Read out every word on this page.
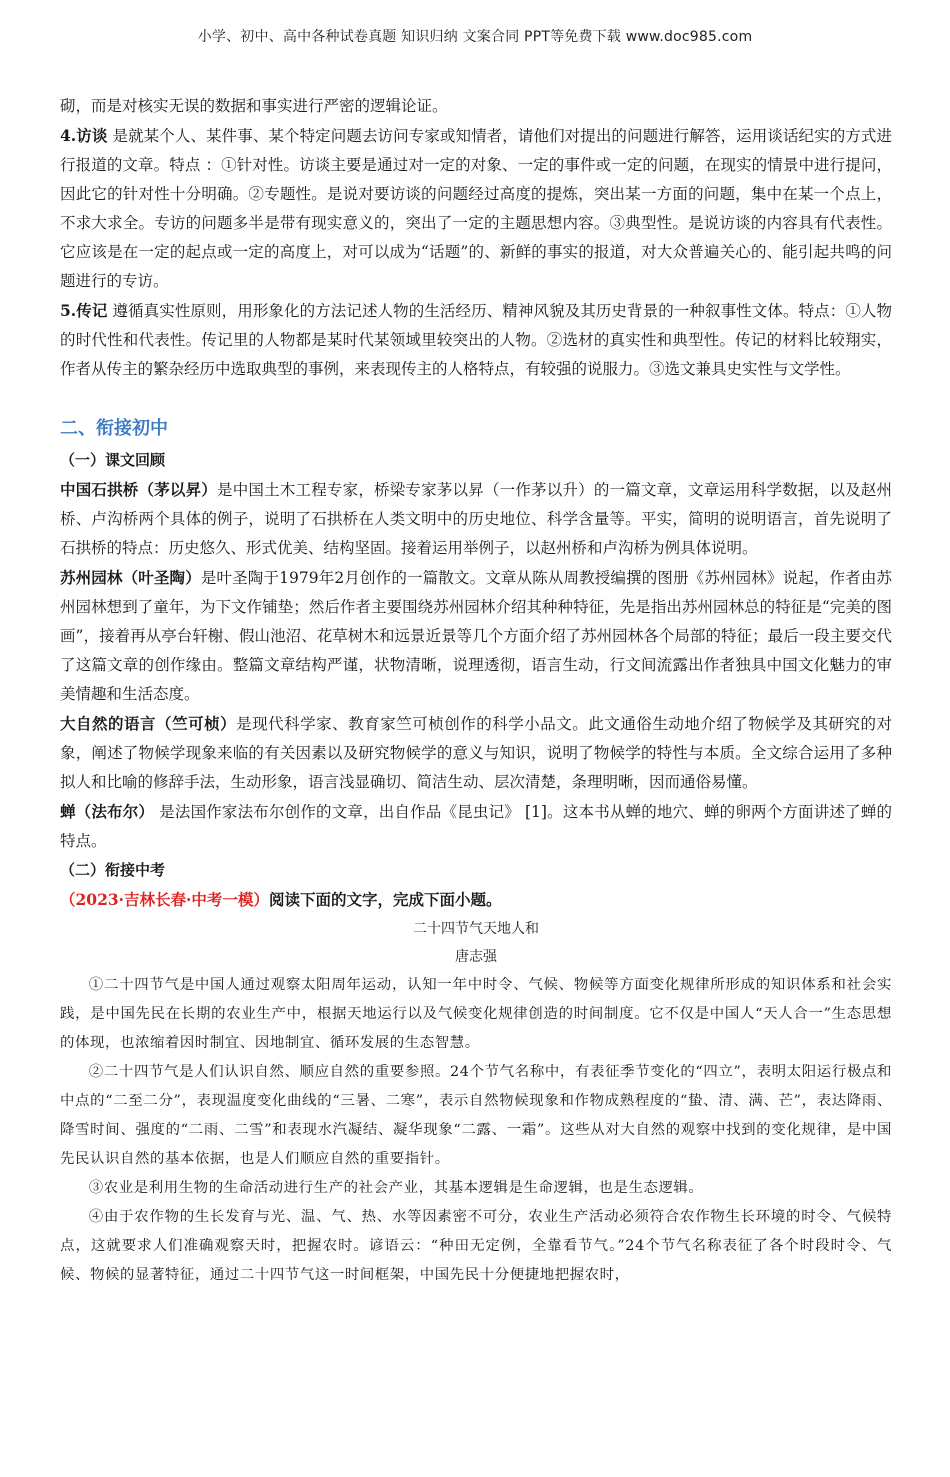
小学、初中、高中各种试卷真题 知识归纳 文案合同 PPT等免费下载 www.doc985.com

砌，而是对核实无误的数据和事实进行严密的逻辑论证。

4.访谈 是就某个人、某件事、某个特定问题去访问专家或知情者，请他们对提出的问题进行解答，运用谈话纪实的方式进行报道的文章。特点 ：①针对性。访谈主要是通过对一定的对象、一定的事件或一定的问题，在现实的情景中进行提问，因此它的针对性十分明确。②专题性。是说对要访谈的问题经过高度的提炼，突出某一方面的问题，集中在某一个点上，不求大求全。专访的问题多半是带有现实意义的，突出了一定的主题思想内容。③典型性。是说访谈的内容具有代表性。它应该是在一定的起点或一定的高度上，对可以成为“话题”的、新鲜的事实的报道，对大众普遍关心的、能引起共鸣的问题进行的专访。

5.传记 遵循真实性原则，用形象化的方法记述人物的生活经历、精神风貌及其历史背景的一种叙事性文体。特点：①人物的时代性和代表性。传记里的人物都是某时代某领域里较突出的人物。②选材的真实性和典型性。传记的材料比较翔实，作者从传主的繁杂经历中选取典型的事例，来表现传主的人格特点，有较强的说服力。③选文兼具史实性与文学性。

二、衔接初中

（一）课文回顾

中国石拱桥（茅以昇）是中国土木工程专家，桥梁专家茅以昇（一作茅以升）的一篇文章，文章运用科学数据，以及赵州桥、卢沟桥两个具体的例子，说明了石拱桥在人类文明中的历史地位、科学含量等。平实，简明的说明语言，首先说明了石拱桥的特点：历史悠久、形式优美、结构坚固。接着运用举例子，以赵州桥和卢沟桥为例具体说明。

苏州园林（叶圣陶）是叶圣陶于1979年2月创作的一篇散文。文章从陈从周教授编撰的图册《苏州园林》说起，作者由苏州园林想到了童年，为下文作铺垫；然后作者主要围绕苏州园林介绍其种种特征，先是指出苏州园林总的特征是“完美的图画”，接着再从亭台轩榭、假山池沼、花草树木和远景近景等几个方面介绍了苏州园林各个局部的特征；最后一段主要交代了这篇文章的创作缘由。整篇文章结构严谨，状物清晰，说理透彻，语言生动，行文间流露出作者独具中国文化魅力的审美情趣和生活态度。

大自然的语言（竺可桢）是现代科学家、教育家竺可桢创作的科学小品文。此文通俗生动地介绍了物候学及其研究的对象，阐述了物候学现象来临的有关因素以及研究物候学的意义与知识，说明了物候学的特性与本质。全文综合运用了多种拟人和比喻的修辞手法，生动形象，语言浅显确切、简洁生动、层次清楚，条理明晰，因而通俗易懂。

蝉（法布尔） 是法国作家法布尔创作的文章，出自作品《昆虫记》 [1]。这本书从蝉的地穴、蝉的卵两个方面讲述了蝉的特点。

（二）衔接中考

（2023·吉林长春·中考一模）阅读下面的文字，完成下面小题。

二十四节气天地人和

唐志强

①二十四节气是中国人通过观察太阳周年运动，认知一年中时令、气候、物候等方面变化规律所形成的知识体系和社会实践，是中国先民在长期的农业生产中，根据天地运行以及气候变化规律创造的时间制度。它不仅是中国人“天人合一”生态思想的体现，也浓缩着因时制宜、因地制宜、循环发展的生态智慧。

②二十四节气是人们认识自然、顺应自然的重要参照。24个节气名称中，有表征季节变化的“四立”，表明太阳运行极点和中点的“二至二分”，表现温度变化曲线的“三暑、二寒”，表示自然物候现象和作物成熟程度的“蛰、清、满、芒”，表达降雨、降雪时间、强度的“二雨、二雪”和表现水汽凝结、凝华现象“二露、一霜”。这些从对大自然的观察中找到的变化规律，是中国先民认识自然的基本依据，也是人们顺应自然的重要指针。

③农业是利用生物的生命活动进行生产的社会产业，其基本逻辑是生命逻辑，也是生态逻辑。

④由于农作物的生长发育与光、温、气、热、水等因素密不可分，农业生产活动必须符合农作物生长环境的时令、气候特点，这就要求人们准确观察天时，把握农时。谚语云：“种田无定例，全靠看节气。”24个节气名称表征了各个时段时令、气候、物候的显著特征，通过二十四节气这一时间框架，中国先民十分便捷地把握农时，
